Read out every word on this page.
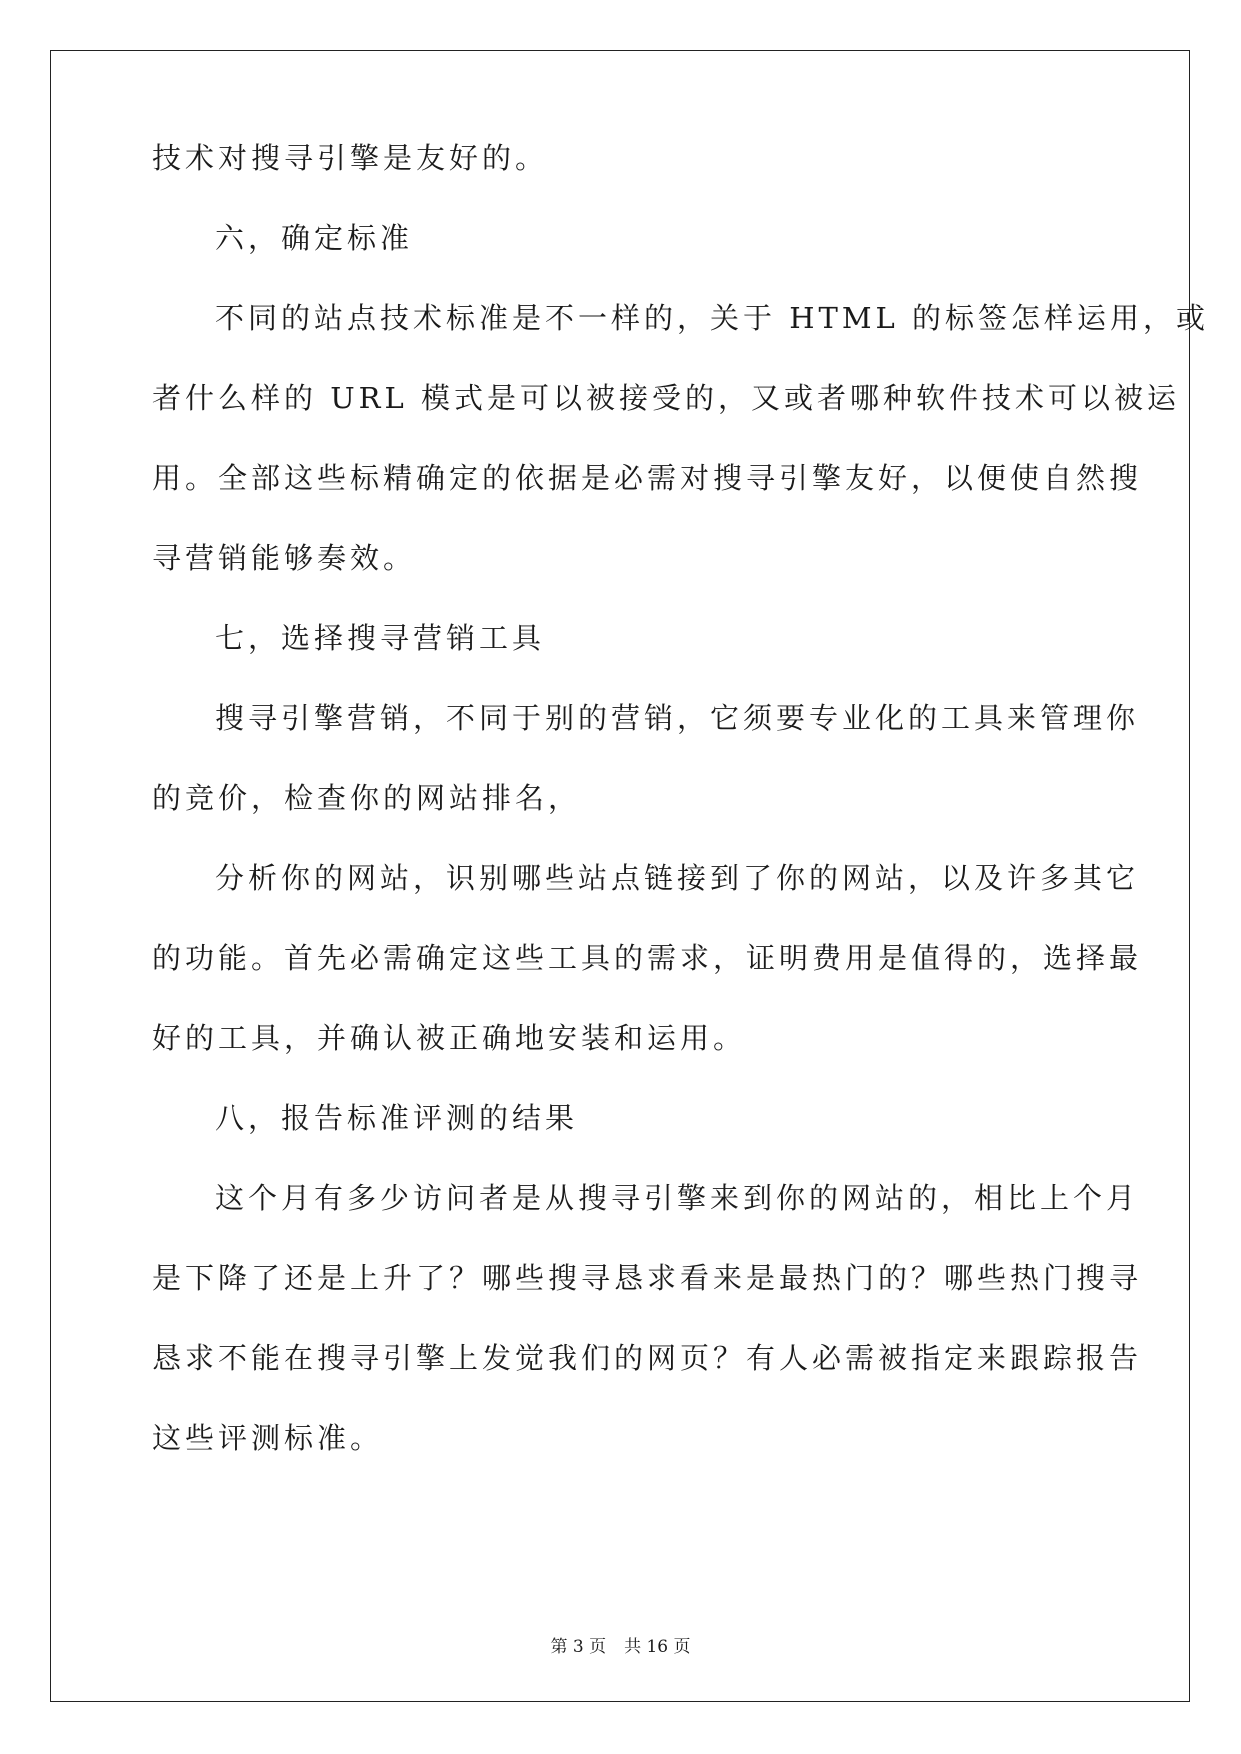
技术对搜寻引擎是友好的。

六，确定标准

不同的站点技术标准是不一样的，关于 HTML 的标签怎样运用，或

者什么样的 URL 模式是可以被接受的，又或者哪种软件技术可以被运

用。全部这些标精确定的依据是必需对搜寻引擎友好，以便使自然搜

寻营销能够奏效。

七，选择搜寻营销工具

搜寻引擎营销，不同于别的营销，它须要专业化的工具来管理你

的竞价，检查你的网站排名，

分析你的网站，识别哪些站点链接到了你的网站，以及许多其它

的功能。首先必需确定这些工具的需求，证明费用是值得的，选择最

好的工具，并确认被正确地安装和运用。

八，报告标准评测的结果

这个月有多少访问者是从搜寻引擎来到你的网站的，相比上个月

是下降了还是上升了？哪些搜寻恳求看来是最热门的？哪些热门搜寻

恳求不能在搜寻引擎上发觉我们的网页？有人必需被指定来跟踪报告

这些评测标准。

第 3 页 共 16 页
